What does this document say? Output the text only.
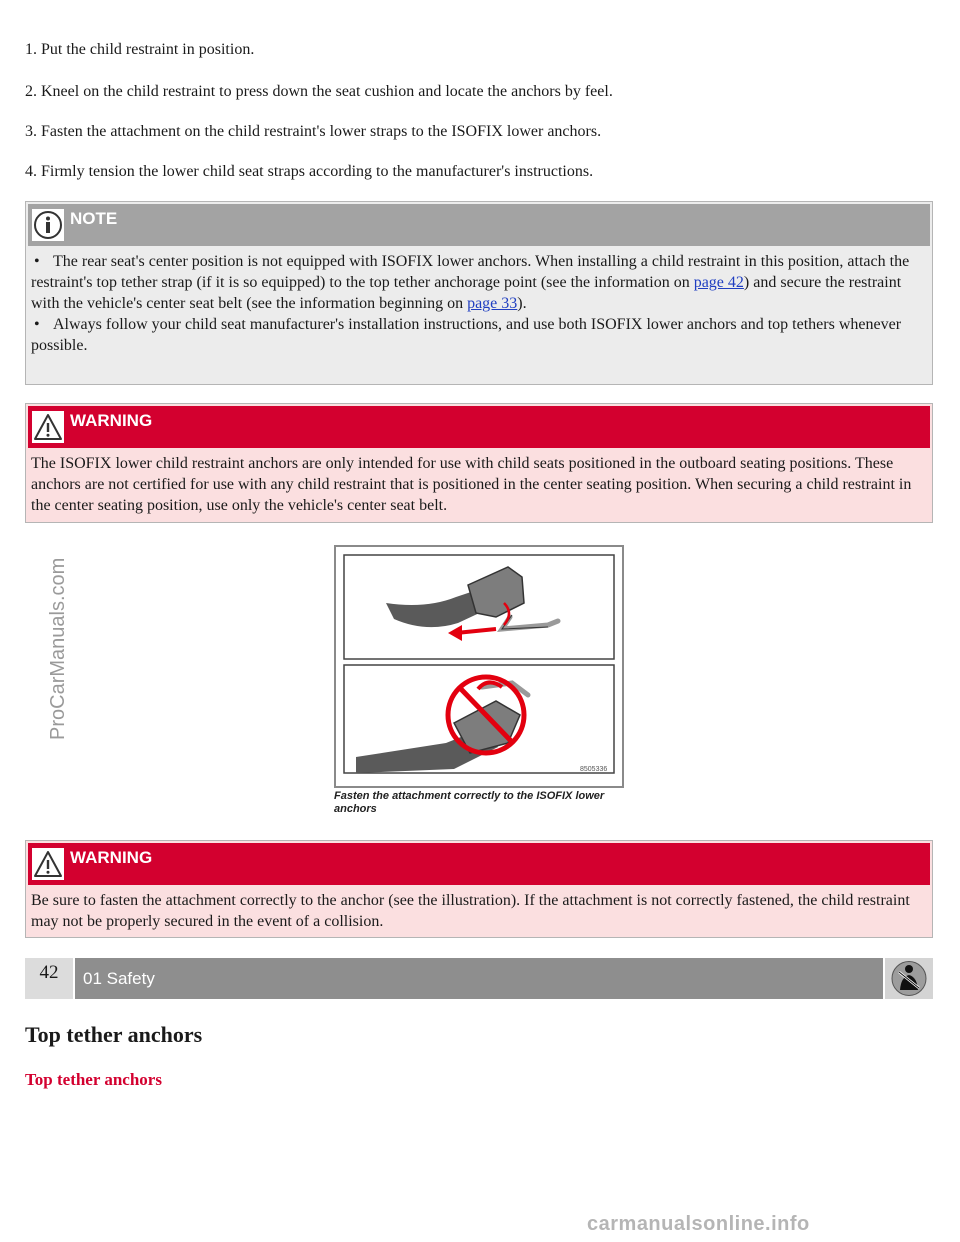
ProCarManuals.com
1. Put the child restraint in position.
2. Kneel on the child restraint to press down the seat cushion and locate the anchors by feel.
3. Fasten the attachment on the child restraint's lower straps to the ISOFIX lower anchors.
4. Firmly tension the lower child seat straps according to the manufacturer's instructions.
NOTE
• The rear seat's center position is not equipped with ISOFIX lower anchors. When installing a child restraint in this position, attach the restraint's top tether strap (if it is so equipped) to the top tether anchorage point (see the information on page 42) and secure the restraint with the vehicle's center seat belt (see the information beginning on page 33).
• Always follow your child seat manufacturer's installation instructions, and use both ISOFIX lower anchors and top tethers whenever possible.
WARNING
The ISOFIX lower child restraint anchors are only intended for use with child seats positioned in the outboard seating positions. These anchors are not certified for use with any child restraint that is positioned in the center seating position. When securing a child restraint in the center seating position, use only the vehicle's center seat belt.
8505336
Fasten the attachment correctly to the ISOFIX lower anchors
WARNING
Be sure to fasten the attachment correctly to the anchor (see the illustration). If the attachment is not correctly fastened, the child restraint may not be properly secured in the event of a collision.
42	01 Safety
Top tether anchors
Top tether anchors
carmanualsonline.info
